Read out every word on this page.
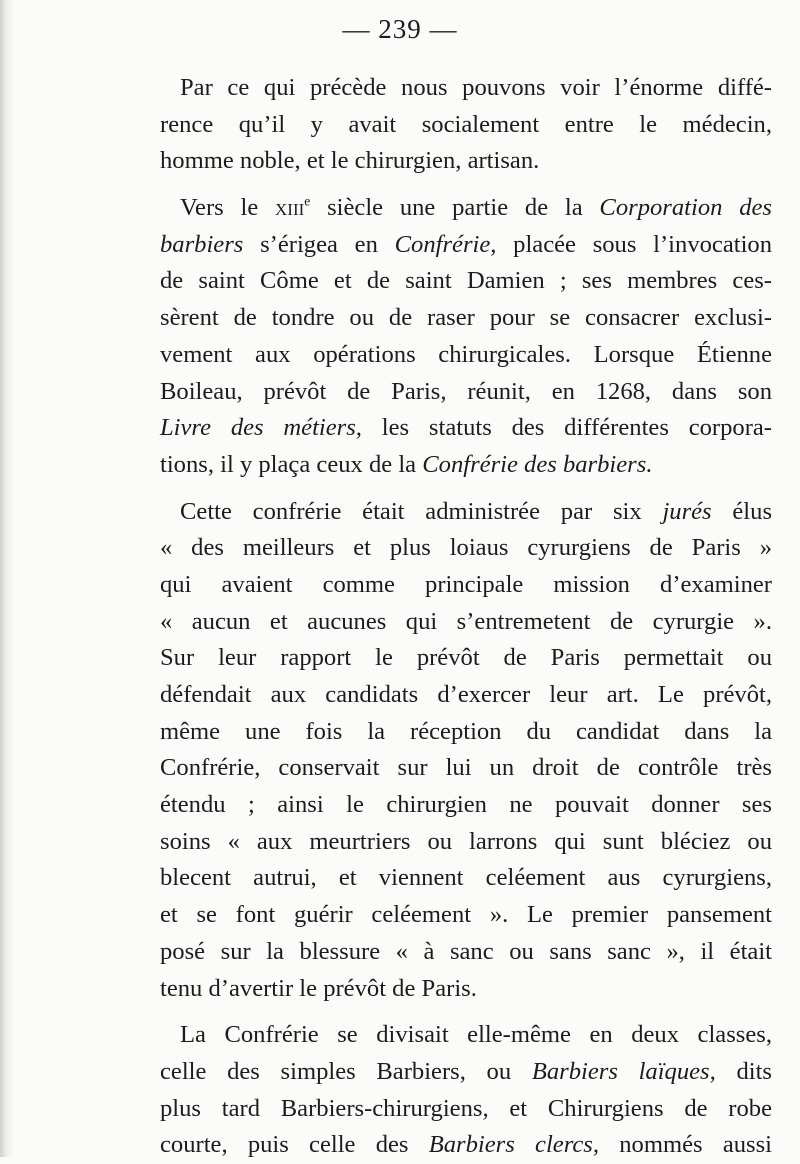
— 239 —
Par ce qui précède nous pouvons voir l’énorme diffé-
rence qu’il y avait socialement entre le médecin,
homme noble, et le chirurgien, artisan.
Vers le xiii$^e$ siècle une partie de la Corporation des
barbiers s’érigea en Confrérie, placée sous l’invocation
de saint Côme et de saint Damien ; ses membres ces-
sèrent de tondre ou de raser pour se consacrer exclusi-
vement aux opérations chirurgicales. Lorsque Étienne
Boileau, prévôt de Paris, réunit, en 1268, dans son
Livre des métiers, les statuts des différentes corpora-
tions, il y plaça ceux de la Confrérie des barbiers.
Cette confrérie était administrée par six jurés élus
« des meilleurs et plus loiaus cyrurgiens de Paris »
qui avaient comme principale mission d’examiner
« aucun et aucunes qui s’entremetent de cyrurgie ».
Sur leur rapport le prévôt de Paris permettait ou
défendait aux candidats d’exercer leur art. Le prévôt,
même une fois la réception du candidat dans la
Confrérie, conservait sur lui un droit de contrôle très
étendu ; ainsi le chirurgien ne pouvait donner ses
soins « aux meurtriers ou larrons qui sunt bléciez ou
blecent autrui, et viennent celéement aus cyrurgiens,
et se font guérir celéement ». Le premier pansement
posé sur la blessure « à sanc ou sans sanc », il était
tenu d’avertir le prévôt de Paris.
La Confrérie se divisait elle-même en deux classes,
celle des simples Barbiers, ou Barbiers laïques, dits
plus tard Barbiers-chirurgiens, et Chirurgiens de robe
courte, puis celle des Barbiers clercs, nommés aussi
